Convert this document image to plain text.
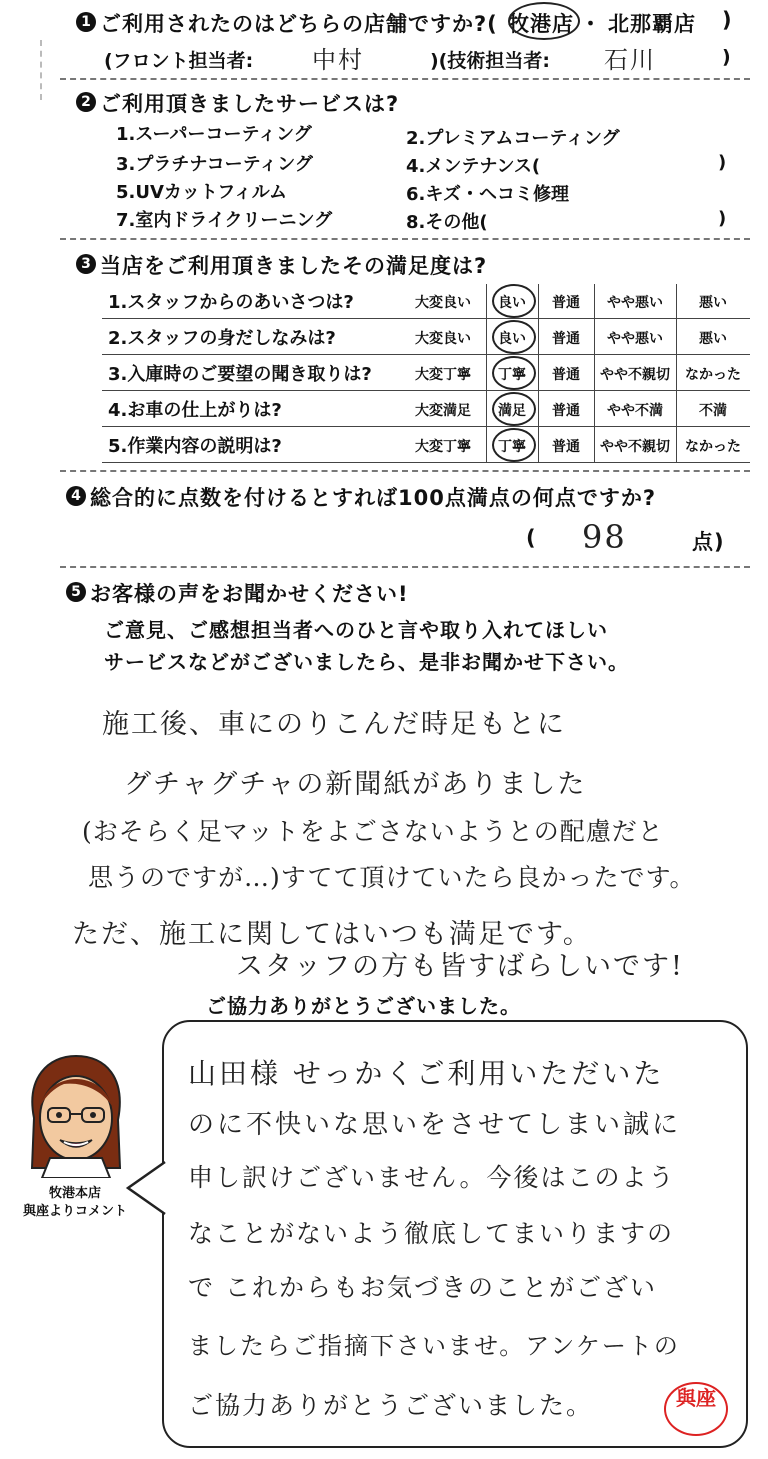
1 ご利用されたのはどちらの店舗ですか?( 牧港店 ・ 北那覇店 )
(フロント担当者: 中村	)(技術担当者: 石川	)
2 ご利用頂きましたサービスは?
1.スーパーコーティング	2.プレミアムコーティング
3.プラチナコーティング	4.メンテナンス(	)
5.UVカットフィルム	6.キズ・ヘコミ修理
7.室内ドライクリーニング	8.その他(	)
3 当店をご利用頂きましたその満足度は?
1.スタッフからのあいさつは?	大変良い	良い	普通	やや悪い	悪い
2.スタッフの身だしなみは?	大変良い	良い	普通	やや悪い	悪い
3.入庫時のご要望の聞き取りは?	大変丁寧	丁寧	普通	やや不親切	なかった
4.お車の仕上がりは?	大変満足	満足	普通	やや不満	不満
5.作業内容の説明は?	大変丁寧	丁寧	普通	やや不親切	なかった
4 総合的に点数を付けるとすれば100点満点の何点ですか?
( 98	点)
5 お客様の声をお聞かせください!
ご意見、ご感想担当者へのひと言や取り入れてほしい
サービスなどがございましたら、是非お聞かせ下さい。
施工後、車にのりこんだ時足もとに
グチャグチャの新聞紙がありました
(おそらく足マットをよごさないようとの配慮だと
思うのですが…)すてて頂けていたら良かったです。
ただ、施工に関してはいつも満足です。
スタッフの方も皆すばらしいです!
ご協力ありがとうございました。
牧港本店
與座よりコメント
山田様 せっかくご利用いただいた
のに不快いな思いをさせてしまい誠に
申し訳けございません。今後はこのよう
なことがないよう徹底してまいりますの
で これからもお気づきのことがござい
ましたらご指摘下さいませ。アンケートの
ご協力ありがとうございました。	與座
